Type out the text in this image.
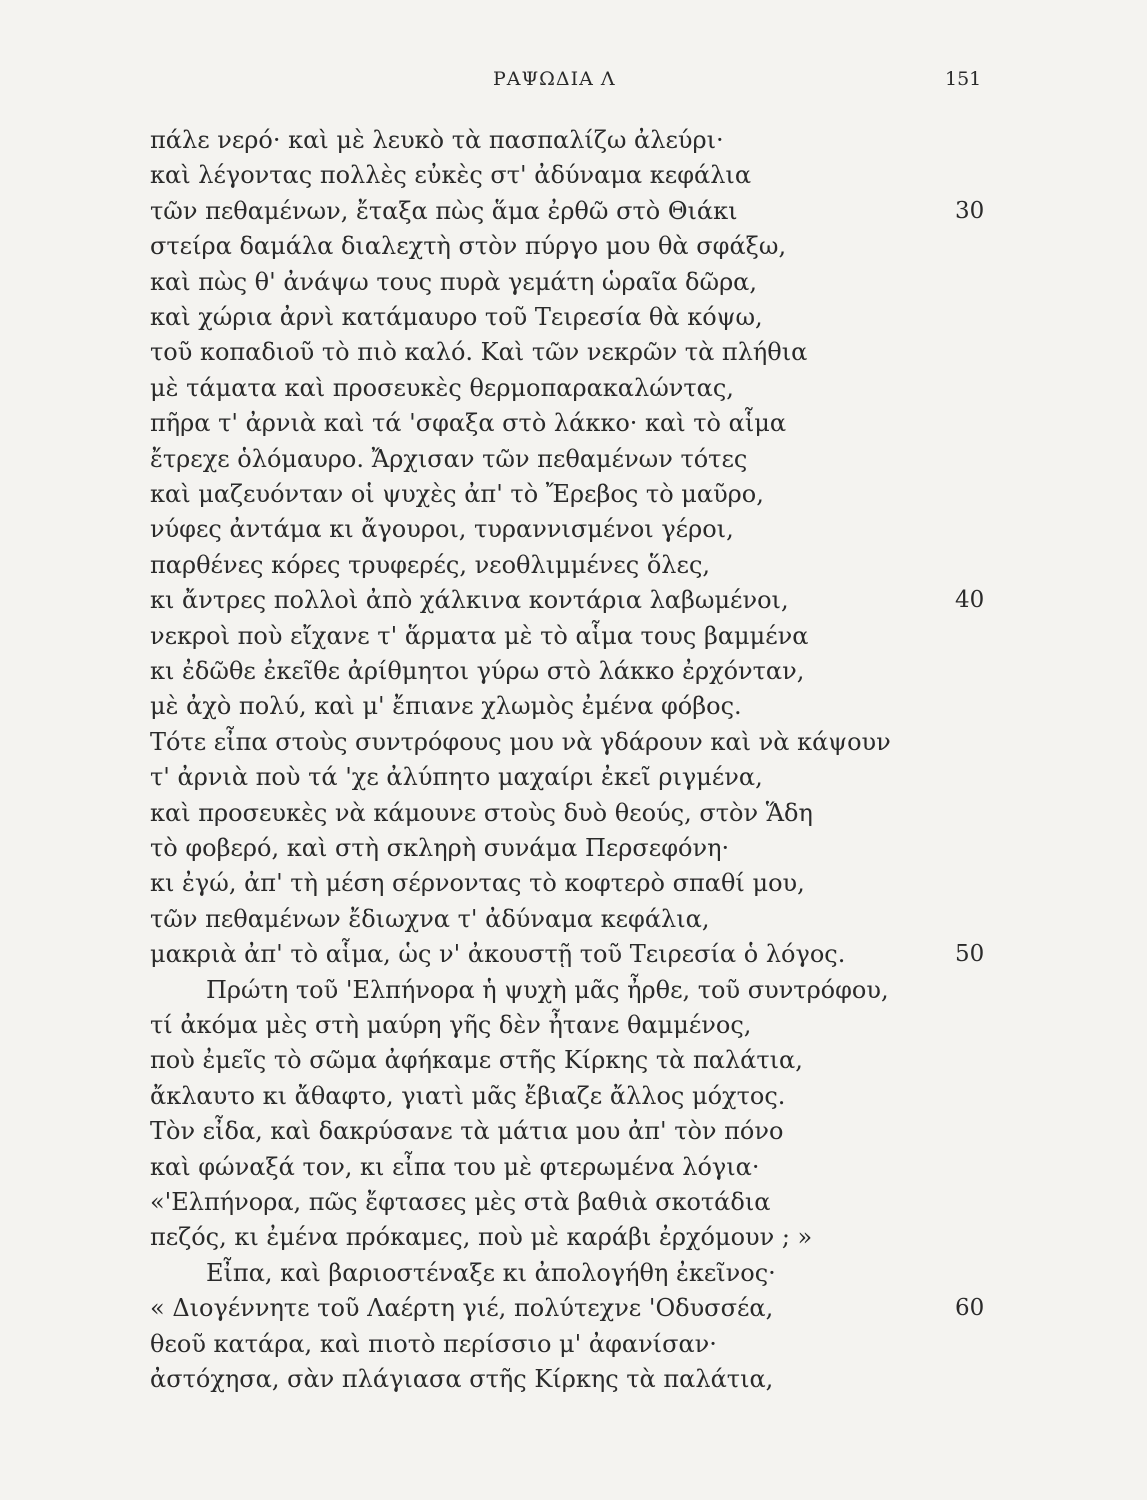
ΡΑΨΩΔΙΑ Λ	151
πάλε νερό· καὶ μὲ λευκὸ τὰ πασπαλίζω ἀλεύρι·
καὶ λέγοντας πολλὲς εὐκὲς στ' ἀδύναμα κεφάλια
τῶν πεθαμένων, ἔταξα πὼς ἅμα ἐρθῶ στὸ Θιάκι	30
στείρα δαμάλα διαλεχτὴ στὸν πύργο μου θὰ σφάξω,
καὶ πὼς θ' ἀνάψω τους πυρὰ γεμάτη ὡραῖα δῶρα,
καὶ χώρια ἀρνὶ κατάμαυρο τοῦ Τειρεσία θὰ κόψω,
τοῦ κοπαδιοῦ τὸ πιὸ καλό. Καὶ τῶν νεκρῶν τὰ πλήθια
μὲ τάματα καὶ προσευκὲς θερμοπαρακαλώντας,
πῆρα τ' ἀρνιὰ καὶ τά 'σφαξα στὸ λάκκο· καὶ τὸ αἷμα
ἔτρεχε ὁλόμαυρο. Ἄρχισαν τῶν πεθαμένων τότες
καὶ μαζευόνταν οἱ ψυχὲς ἀπ' τὸ Ἔρεβος τὸ μαῦρο,
νύφες ἀντάμα κι ἄγουροι, τυραννισμένοι γέροι,
παρθένες κόρες τρυφερές, νεοθλιμμένες ὅλες,
κι ἄντρες πολλοὶ ἀπὸ χάλκινα κοντάρια λαβωμένοι,	40
νεκροὶ ποὺ εἴχανε τ' ἅρματα μὲ τὸ αἷμα τους βαμμένα
κι ἐδῶθε ἐκεῖθε ἀρίθμητοι γύρω στὸ λάκκο ἐρχόνταν,
μὲ ἀχὸ πολύ, καὶ μ' ἔπιανε χλωμὸς ἐμένα φόβος.
Τότε εἶπα στοὺς συντρόφους μου νὰ γδάρουν καὶ νὰ κάψουν
τ' ἀρνιὰ ποὺ τά 'χε ἀλύπητο μαχαίρι ἐκεῖ ριγμένα,
καὶ προσευκὲς νὰ κάμουνε στοὺς δυὸ θεούς, στὸν Ἅδη
τὸ φοβερό, καὶ στὴ σκληρὴ συνάμα Περσεφόνη·
κι ἐγώ, ἀπ' τὴ μέση σέρνοντας τὸ κοφτερὸ σπαθί μου,
τῶν πεθαμένων ἔδιωχνα τ' ἀδύναμα κεφάλια,
μακριὰ ἀπ' τὸ αἷμα, ὡς ν' ἀκουστῇ τοῦ Τειρεσία ὁ λόγος.	50
Πρώτη τοῦ 'Ελπήνορα ἡ ψυχὴ μᾶς ἦρθε, τοῦ συντρόφου,
τί ἀκόμα μὲς στὴ μαύρη γῆς δὲν ἦτανε θαμμένος,
ποὺ ἐμεῖς τὸ σῶμα ἀφήκαμε στῆς Κίρκης τὰ παλάτια,
ἄκλαυτο κι ἄθαφτο, γιατὶ μᾶς ἔβιαζε ἄλλος μόχτος.
Τὸν εἶδα, καὶ δακρύσανε τὰ μάτια μου ἀπ' τὸν πόνο
καὶ φώναξά τον, κι εἶπα του μὲ φτερωμένα λόγια·
«'Ελπήνορα, πῶς ἔφτασες μὲς στὰ βαθιὰ σκοτάδια
πεζός, κι ἐμένα πρόκαμες, ποὺ μὲ καράβι ἐρχόμουν ; »
Εἶπα, καὶ βαριοστέναξε κι ἀπολογήθη ἐκεῖνος·
« Διογέννητε τοῦ Λαέρτη γιέ, πολύτεχνε 'Οδυσσέα,	60
θεοῦ κατάρα, καὶ πιοτὸ περίσσιο μ' ἀφανίσαν·
ἀστόχησα, σὰν πλάγιασα στῆς Κίρκης τὰ παλάτια,
